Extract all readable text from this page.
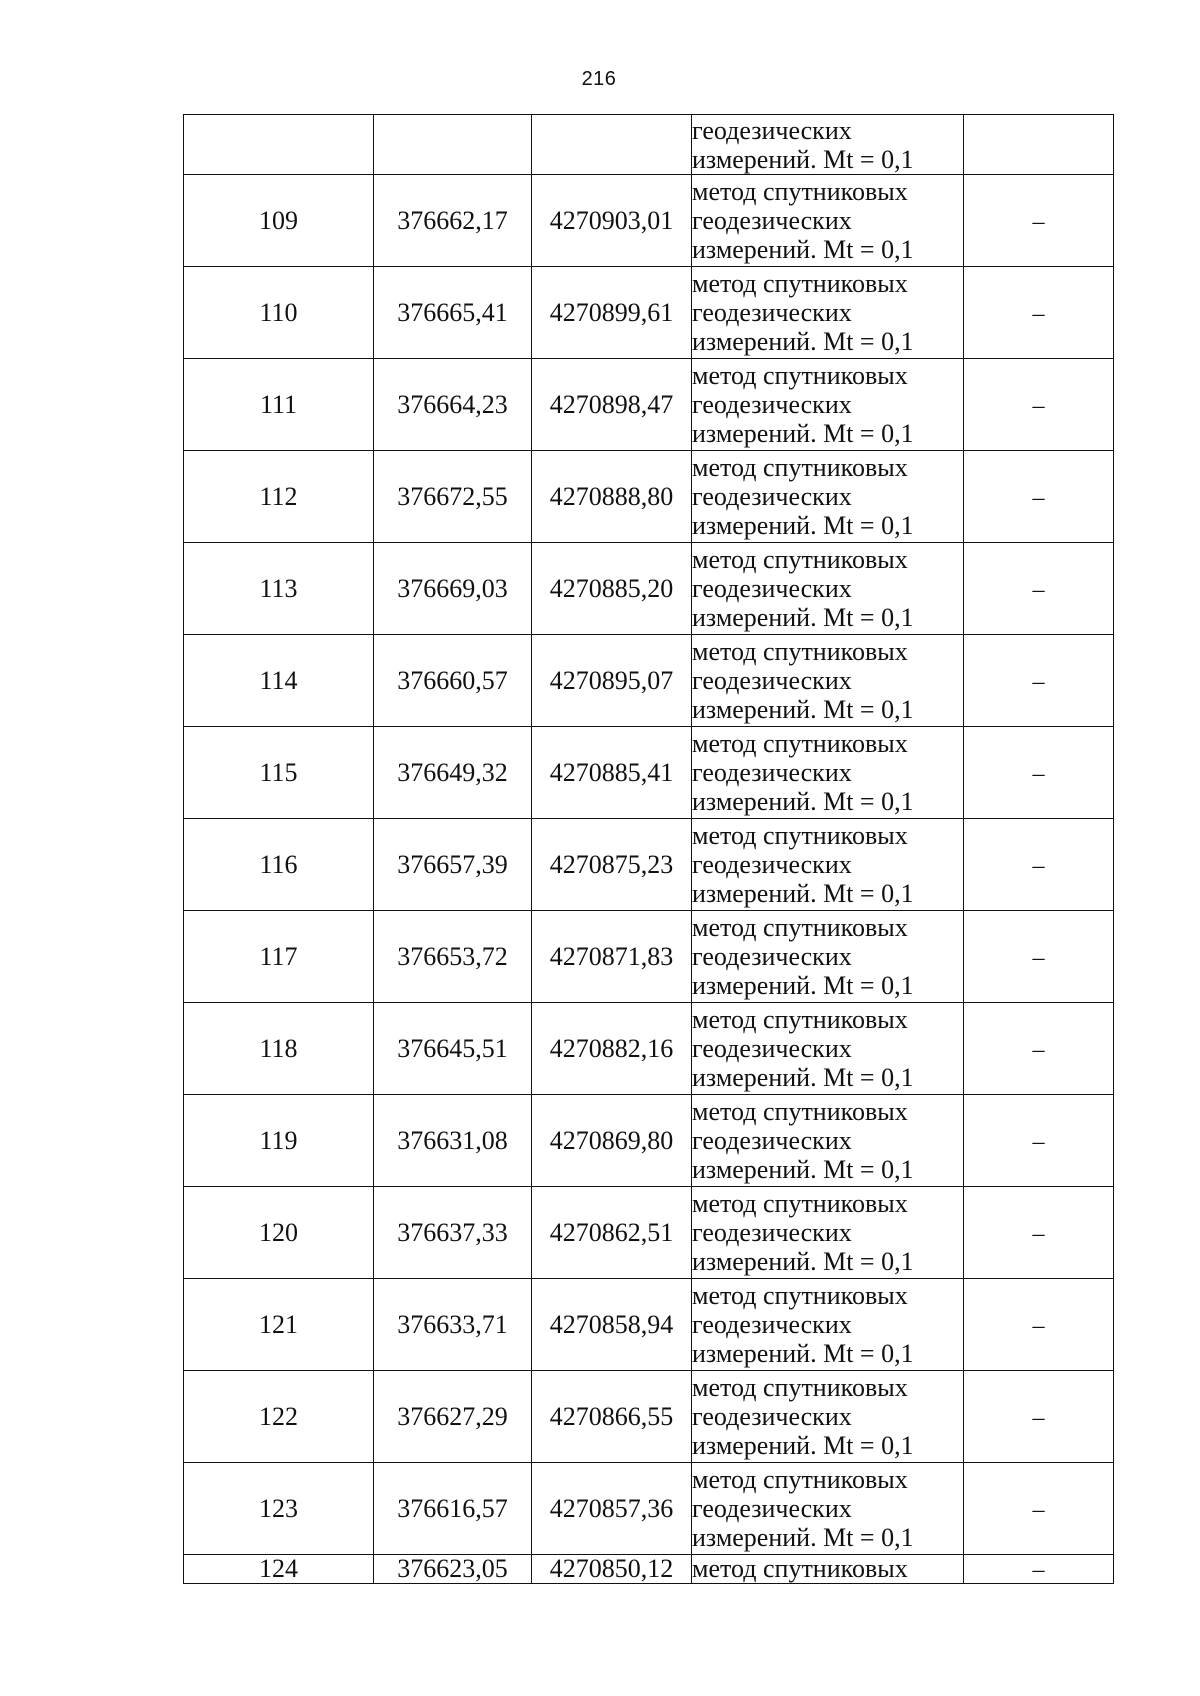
216

			геодезических
измерений. Mt = 0,1	

109	376662,17	4270903,01	метод спутниковых
геодезических
измерений. Mt = 0,1	–
110	376665,41	4270899,61	метод спутниковых
геодезических
измерений. Mt = 0,1	–
111	376664,23	4270898,47	метод спутниковых
геодезических
измерений. Mt = 0,1	–
112	376672,55	4270888,80	метод спутниковых
геодезических
измерений. Mt = 0,1	–
113	376669,03	4270885,20	метод спутниковых
геодезических
измерений. Mt = 0,1	–
114	376660,57	4270895,07	метод спутниковых
геодезических
измерений. Mt = 0,1	–
115	376649,32	4270885,41	метод спутниковых
геодезических
измерений. Mt = 0,1	–
116	376657,39	4270875,23	метод спутниковых
геодезических
измерений. Mt = 0,1	–
117	376653,72	4270871,83	метод спутниковых
геодезических
измерений. Mt = 0,1	–
118	376645,51	4270882,16	метод спутниковых
геодезических
измерений. Mt = 0,1	–
119	376631,08	4270869,80	метод спутниковых
геодезических
измерений. Mt = 0,1	–
120	376637,33	4270862,51	метод спутниковых
геодезических
измерений. Mt = 0,1	–
121	376633,71	4270858,94	метод спутниковых
геодезических
измерений. Mt = 0,1	–
122	376627,29	4270866,55	метод спутниковых
геодезических
измерений. Mt = 0,1	–
123	376616,57	4270857,36	метод спутниковых
геодезических
измерений. Mt = 0,1	–
124	376623,05	4270850,12	метод спутниковых	–
